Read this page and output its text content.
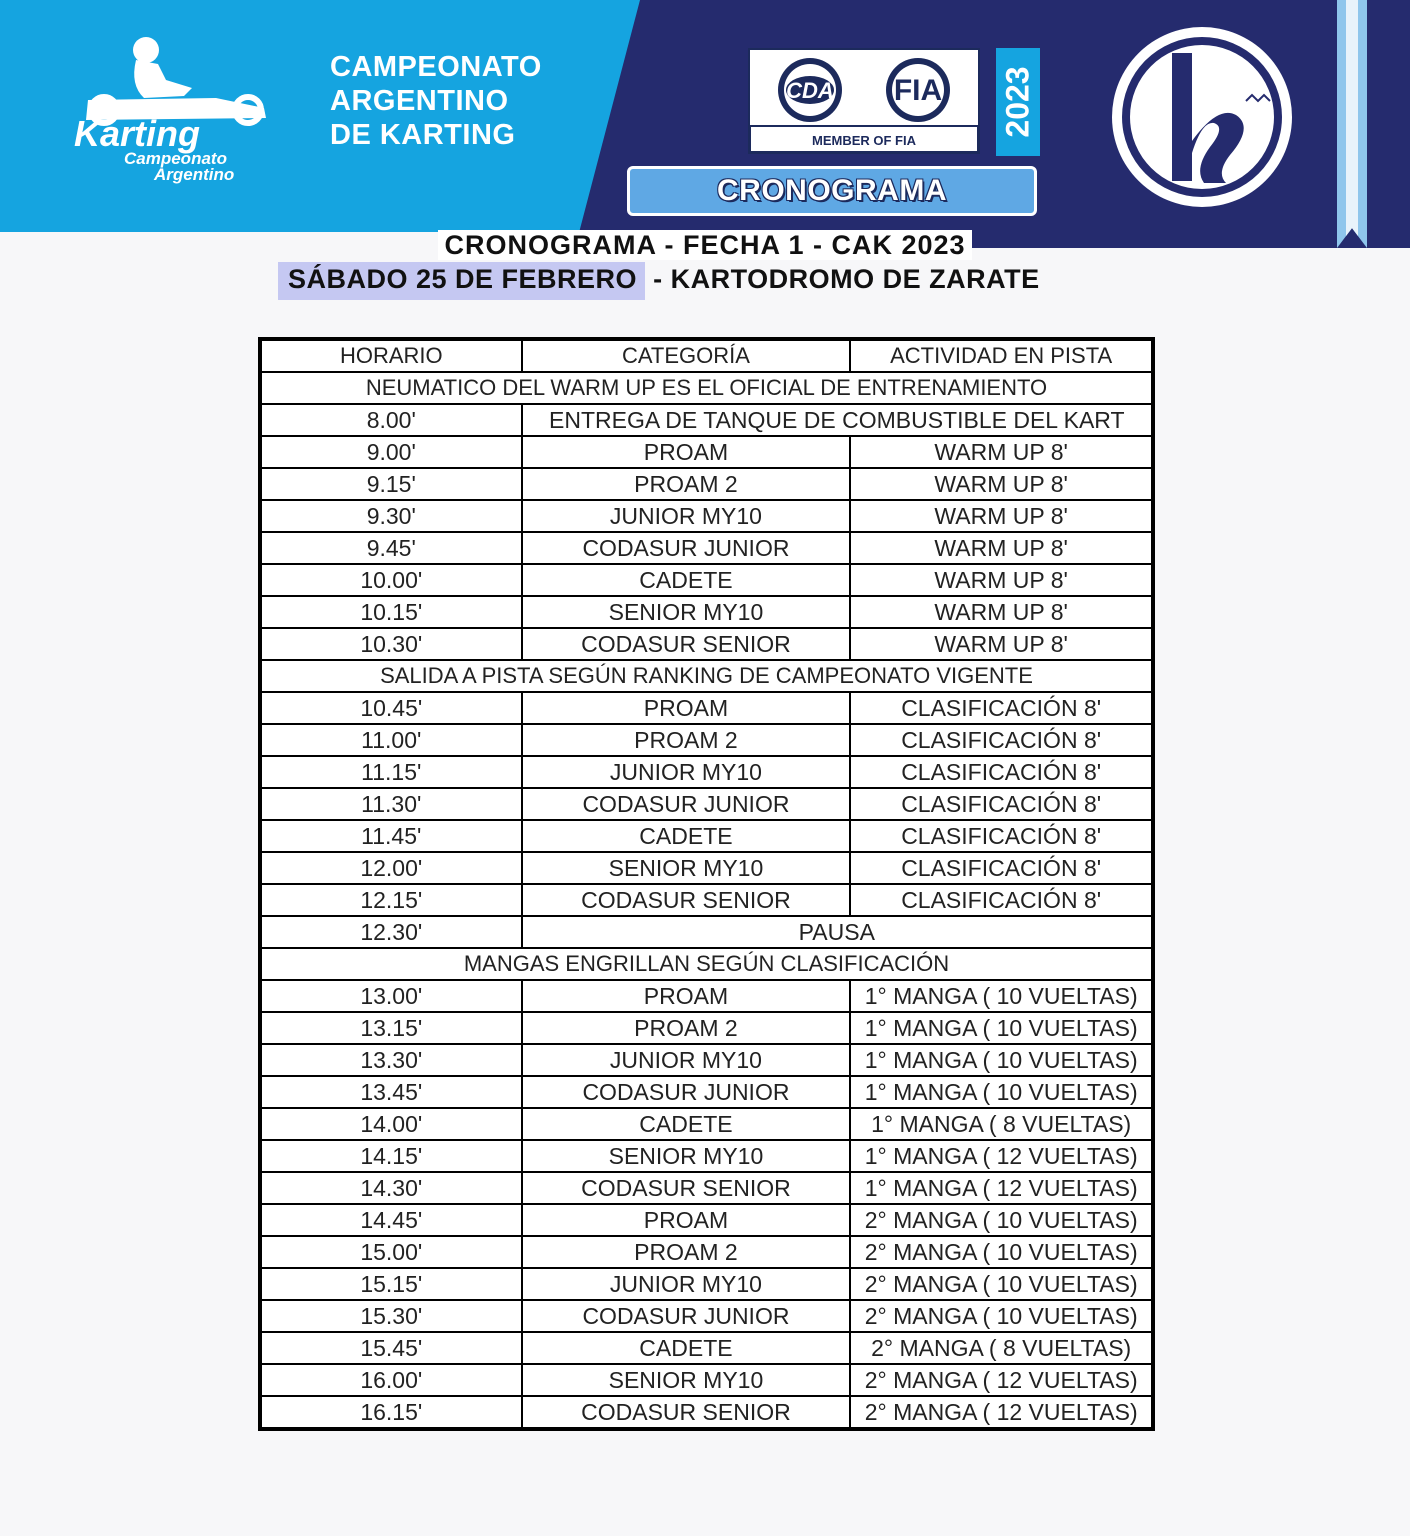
Karting
Campeonato
Argentino
CAMPEONATO
ARGENTINO
DE KARTING
CDA FIA
MEMBER OF FIA
2023
CRONOGRAMA
CRONOGRAMA - FECHA 1 - CAK 2023
SÁBADO 25 DE FEBRERO - KARTODROMO DE ZARATE
HORARIO	CATEGORÍA	ACTIVIDAD EN PISTA
NEUMATICO DEL WARM UP ES EL OFICIAL DE ENTRENAMIENTO		
8.00'	ENTREGA DE TANQUE DE COMBUSTIBLE DEL KART	
9.00'	PROAM	WARM UP 8'
9.15'	PROAM 2	WARM UP 8'
9.30'	JUNIOR MY10	WARM UP 8'
9.45'	CODASUR JUNIOR	WARM UP 8'
10.00'	CADETE	WARM UP 8'
10.15'	SENIOR MY10	WARM UP 8'
10.30'	CODASUR SENIOR	WARM UP 8'
SALIDA A PISTA SEGÚN RANKING DE CAMPEONATO VIGENTE		
10.45'	PROAM	CLASIFICACIÓN 8'
11.00'	PROAM 2	CLASIFICACIÓN 8'
11.15'	JUNIOR MY10	CLASIFICACIÓN 8'
11.30'	CODASUR JUNIOR	CLASIFICACIÓN 8'
11.45'	CADETE	CLASIFICACIÓN 8'
12.00'	SENIOR MY10	CLASIFICACIÓN 8'
12.15'	CODASUR SENIOR	CLASIFICACIÓN 8'
12.30'	PAUSA	
MANGAS ENGRILLAN SEGÚN CLASIFICACIÓN		
13.00'	PROAM	1° MANGA ( 10 VUELTAS)
13.15'	PROAM 2	1° MANGA ( 10 VUELTAS)
13.30'	JUNIOR MY10	1° MANGA ( 10 VUELTAS)
13.45'	CODASUR JUNIOR	1° MANGA ( 10 VUELTAS)
14.00'	CADETE	1° MANGA ( 8 VUELTAS)
14.15'	SENIOR MY10	1° MANGA ( 12 VUELTAS)
14.30'	CODASUR SENIOR	1° MANGA ( 12 VUELTAS)
14.45'	PROAM	2° MANGA ( 10 VUELTAS)
15.00'	PROAM 2	2° MANGA ( 10 VUELTAS)
15.15'	JUNIOR MY10	2° MANGA ( 10 VUELTAS)
15.30'	CODASUR JUNIOR	2° MANGA ( 10 VUELTAS)
15.45'	CADETE	2° MANGA ( 8 VUELTAS)
16.00'	SENIOR MY10	2° MANGA ( 12 VUELTAS)
16.15'	CODASUR SENIOR	2° MANGA ( 12 VUELTAS)
